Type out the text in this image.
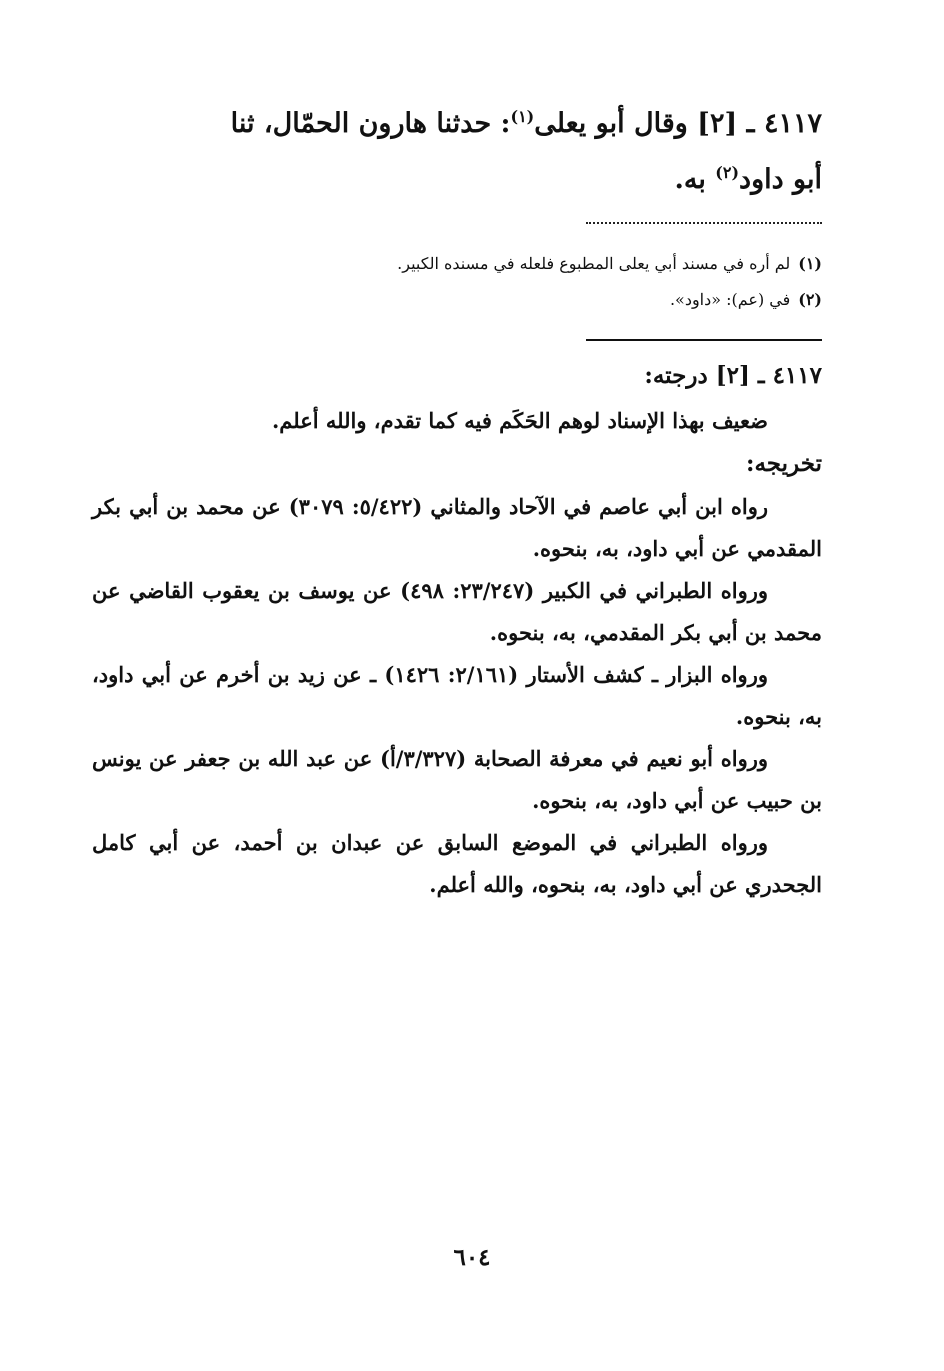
٤١١٧ ـ [٢] وقال أبو يعلى$^{(١)}$: حدثنا هارون الحمّال، ثنا
أبو داود$^{(٢)}$ به.
(١)لم أره في مسند أبي يعلى المطبوع فلعله في مسنده الكبير.
(٢)في (عم): «داود».
٤١١٧ ـ [٢] درجته:
ضعيف بهذا الإسناد لوهم الحَكَم فيه كما تقدم، والله أعلم.
تخريجه:

رواه ابن أبي عاصم في الآحاد والمثاني (٥/٤٢٢: ٣٠٧٩) عن محمد بن أبي بكر المقدمي عن أبي داود، به، بنحوه.

ورواه الطبراني في الكبير (٢٣/٢٤٧: ٤٩٨) عن يوسف بن يعقوب القاضي عن محمد بن أبي بكر المقدمي، به، بنحوه.

ورواه البزار ـ كشف الأستار (٢/١٦١: ١٤٢٦) ـ عن زيد بن أخرم عن أبي داود، به، بنحوه.

ورواه أبو نعيم في معرفة الصحابة (٣/٣٢٧/أ) عن عبد الله بن جعفر عن يونس بن حبيب عن أبي داود، به، بنحوه.

ورواه الطبراني في الموضع السابق عن عبدان بن أحمد، عن أبي كامل الجحدري عن أبي داود، به، بنحوه، والله أعلم.

٦٠٤
